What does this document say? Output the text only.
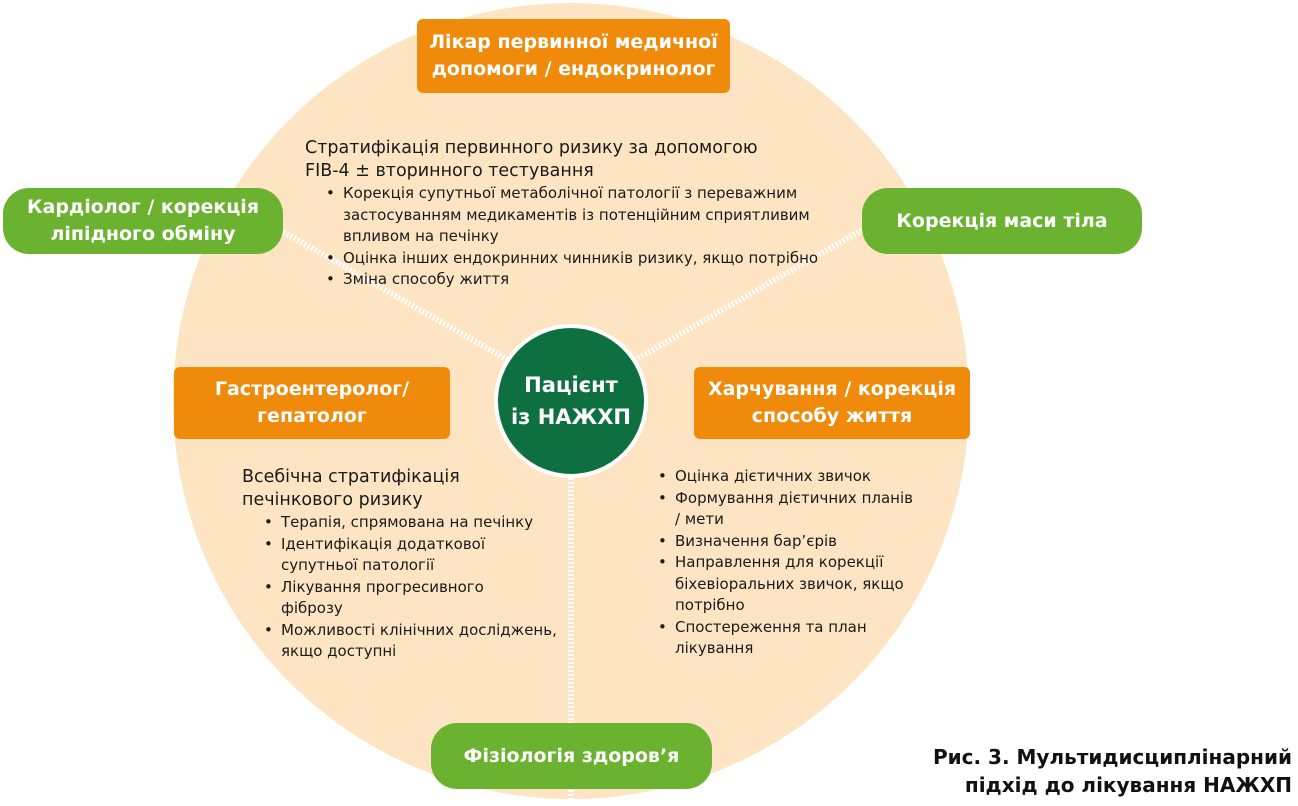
Лікар первинної медичної
допомоги / ендокринолог
Кардіолог / корекція
ліпідного обміну
Корекція маси тіла
Гастроентеролог/
гепатолог
Харчування / корекція
способу життя
Фізіологія здоров’я
Пацієнт
із НАЖХП
Стратифікація первинного ризику за допомогою
FIB-4 ± вторинного тестування
• Корекція супутньої метаболічної патології з переважним
застосуванням медикаментів із потенційним сприятливим
впливом на печінку
• Оцінка інших ендокринних чинників ризику, якщо потрібно
• Зміна способу життя
Всебічна стратифікація
печінкового ризику
• Терапія, спрямована на печінку
• Ідентифікація додаткової
супутньої патології
• Лікування прогресивного
фіброзу
• Можливості клінічних досліджень,
якщо доступні
• Оцінка дієтичних звичок
• Формування дієтичних планів
/ мети
• Визначення бар’єрів
• Направлення для корекції
біхевіоральних звичок, якщо
потрібно
• Спостереження та план
лікування
Рис. 3. Мультидисциплінарний
підхід до лікування НАЖХП
